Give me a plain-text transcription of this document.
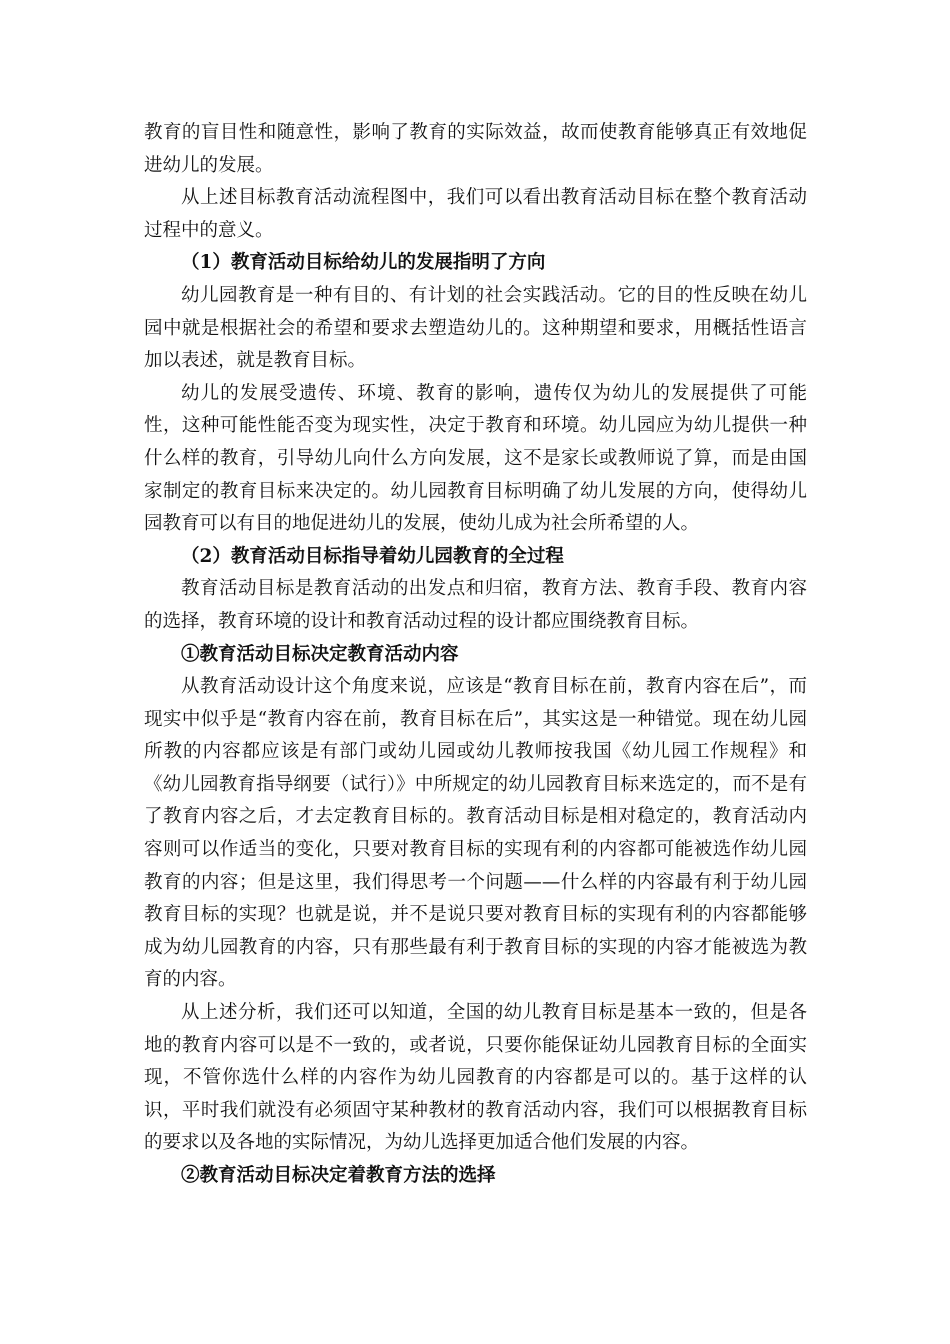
教育的盲目性和随意性，影响了教育的实际效益，故而使教育能够真正有效地促进幼儿的发展。

从上述目标教育活动流程图中，我们可以看出教育活动目标在整个教育活动过程中的意义。

（1）教育活动目标给幼儿的发展指明了方向

幼儿园教育是一种有目的、有计划的社会实践活动。它的目的性反映在幼儿园中就是根据社会的希望和要求去塑造幼儿的。这种期望和要求，用概括性语言加以表述，就是教育目标。

幼儿的发展受遗传、环境、教育的影响，遗传仅为幼儿的发展提供了可能性，这种可能性能否变为现实性，决定于教育和环境。幼儿园应为幼儿提供一种什么样的教育，引导幼儿向什么方向发展，这不是家长或教师说了算，而是由国家制定的教育目标来决定的。幼儿园教育目标明确了幼儿发展的方向，使得幼儿园教育可以有目的地促进幼儿的发展，使幼儿成为社会所希望的人。

（2）教育活动目标指导着幼儿园教育的全过程

教育活动目标是教育活动的出发点和归宿，教育方法、教育手段、教育内容的选择，教育环境的设计和教育活动过程的设计都应围绕教育目标。

①教育活动目标决定教育活动内容

从教育活动设计这个角度来说，应该是“教育目标在前，教育内容在后”，而现实中似乎是“教育内容在前，教育目标在后”，其实这是一种错觉。现在幼儿园所教的内容都应该是有部门或幼儿园或幼儿教师按我国《幼儿园工作规程》和《幼儿园教育指导纲要（试行）》中所规定的幼儿园教育目标来选定的，而不是有了教育内容之后，才去定教育目标的。教育活动目标是相对稳定的，教育活动内容则可以作适当的变化，只要对教育目标的实现有利的内容都可能被选作幼儿园教育的内容；但是这里，我们得思考一个问题——什么样的内容最有利于幼儿园教育目标的实现？也就是说，并不是说只要对教育目标的实现有利的内容都能够成为幼儿园教育的内容，只有那些最有利于教育目标的实现的内容才能被选为教育的内容。

从上述分析，我们还可以知道，全国的幼儿教育目标是基本一致的，但是各地的教育内容可以是不一致的，或者说，只要你能保证幼儿园教育目标的全面实现，不管你选什么样的内容作为幼儿园教育的内容都是可以的。基于这样的认识，平时我们就没有必须固守某种教材的教育活动内容，我们可以根据教育目标的要求以及各地的实际情况，为幼儿选择更加适合他们发展的内容。

②教育活动目标决定着教育方法的选择
